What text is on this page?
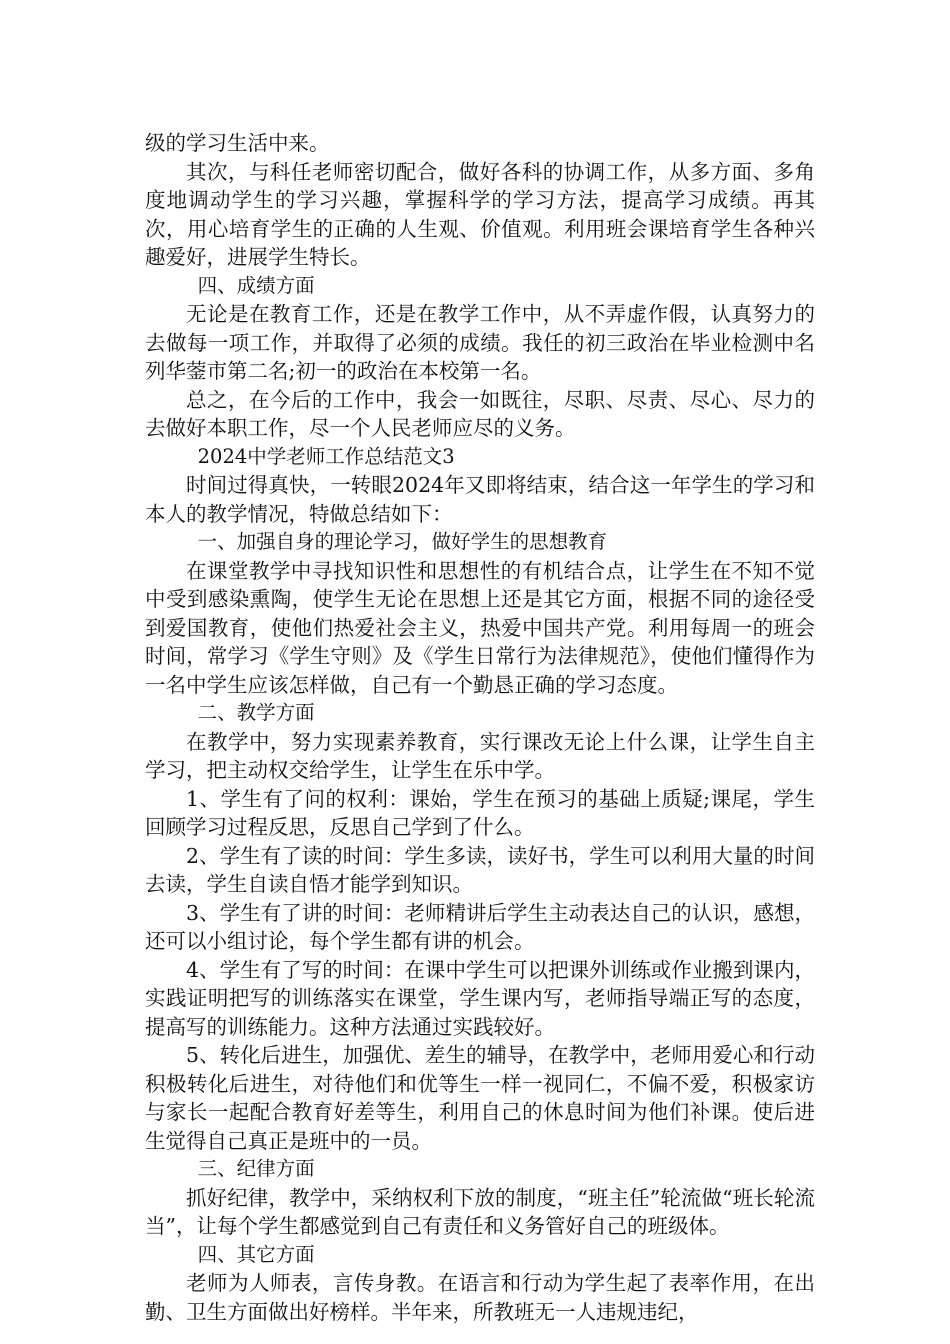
级的学习生活中来。

其次，与科任老师密切配合，做好各科的协调工作，从多方面、多角度地调动学生的学习兴趣，掌握科学的学习方法，提高学习成绩。再其次，用心培育学生的正确的人生观、价值观。利用班会课培育学生各种兴趣爱好，进展学生特长。

四、成绩方面

无论是在教育工作，还是在教学工作中，从不弄虚作假，认真努力的去做每一项工作，并取得了必须的成绩。我任的初三政治在毕业检测中名列华蓥市第二名;初一的政治在本校第一名。

总之，在今后的工作中，我会一如既往，尽职、尽责、尽心、尽力的去做好本职工作，尽一个人民老师应尽的义务。

2024中学老师工作总结范文3

时间过得真快，一转眼2024年又即将结束，结合这一年学生的学习和本人的教学情况，特做总结如下：

一、加强自身的理论学习，做好学生的思想教育

在课堂教学中寻找知识性和思想性的有机结合点，让学生在不知不觉中受到感染熏陶，使学生无论在思想上还是其它方面，根据不同的途径受到爱国教育，使他们热爱社会主义，热爱中国共产党。利用每周一的班会时间，常学习《学生守则》及《学生日常行为法律规范》，使他们懂得作为一名中学生应该怎样做，自己有一个勤恳正确的学习态度。

二、教学方面

在教学中，努力实现素养教育，实行课改无论上什么课，让学生自主学习，把主动权交给学生，让学生在乐中学。

1、学生有了问的权利：课始，学生在预习的基础上质疑;课尾，学生回顾学习过程反思，反思自己学到了什么。

2、学生有了读的时间：学生多读，读好书，学生可以利用大量的时间去读，学生自读自悟才能学到知识。

3、学生有了讲的时间：老师精讲后学生主动表达自己的认识，感想，还可以小组讨论，每个学生都有讲的机会。

4、学生有了写的时间：在课中学生可以把课外训练或作业搬到课内，实践证明把写的训练落实在课堂，学生课内写，老师指导端正写的态度，提高写的训练能力。这种方法通过实践较好。

5、转化后进生，加强优、差生的辅导，在教学中，老师用爱心和行动积极转化后进生，对待他们和优等生一样一视同仁，不偏不爱，积极家访与家长一起配合教育好差等生，利用自己的休息时间为他们补课。使后进生觉得自己真正是班中的一员。

三、纪律方面

抓好纪律，教学中，采纳权利下放的制度，“班主任”轮流做“班长轮流当”，让每个学生都感觉到自己有责任和义务管好自己的班级体。

四、其它方面

老师为人师表，言传身教。在语言和行动为学生起了表率作用，在出勤、卫生方面做出好榜样。半年来，所教班无一人违规违纪，
